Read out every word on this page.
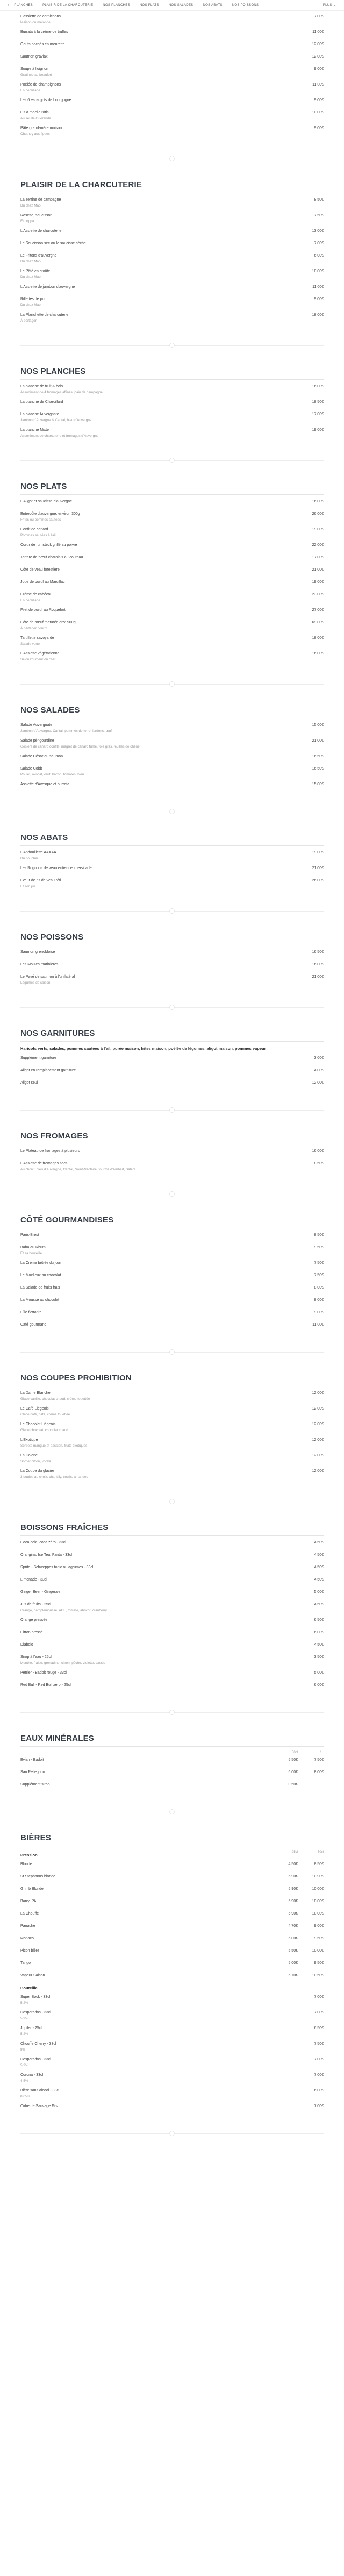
‹ PLANCHES	PLAISIR DE LA CHARCUTERIE	NOS PLANCHES	NOS PLATS	NOS SALADES	NOS ABATS	NOS POISSONS	PLUS ⌄
L'assiette de cornichons
Maison ou mélange
7.00€
Burrata à la crème de truffes	11.00€
Oeufs pochés en meurette	12.00€
Saumon gravlax	12.00€
Soupe à l'oignon
Gratinée au beaufort
9.00€
Poêlée de champignons
En persillade
11.00€
Les 6 escargots de bourgogne	9.00€
Os à moelle rôtis
Au sel de Guérande
10.00€
Pâté grand-mère maison
Chutney aux figues
9.00€
PLAISIR DE LA CHARCUTERIE
La Terrine de campagne
Du chez Mao
8.50€
Rosette, saucisson
Et coppa
7.50€
L'Assiette de charcuterie	13.00€
Le Saucisson sec ou le saucisse sèche	7.00€
Le Fritons d'auvergne
Du chez Mao
6.00€
Le Pâté en croûte
Du chez Mao
10.00€
L'Assiette de jambon d'auvergne	11.00€
Rillettes de porc
Du chez Mao
9.00€
La Planchette de charcuterie
À partager
18.00€
NOS PLANCHES
La planche de fruit & bois
Assortiment de 4 fromages affinés, pain de campagne
16.00€
La planche de Charcillard	18.50€
La planche Auvergnate
Jambon d'Auvergne & Cantal, bleu d'Auvergne
17.00€
La planche Mixte
Assortiment de charcuterie et fromages d'Auvergne
19.00€
NOS PLATS
L'Aligot et saucisse d'auvergne	16.00€
Entrecôte d'auvergne, environ 300g
Frites ou pommes sautées
26.00€
Confit de canard
Pommes sautées à l'ail
19.00€
Cœur de rumsteck grillé au poivre	22.00€
Tartare de bœuf charolais au couteau	17.00€
Côte de veau forestière	21.00€
Joue de bœuf au Marcillac	19.00€
Crème de cabécou
En persillade
23.00€
Filet de bœuf au Roquefort	27.00€
Côte de bœuf maturée env. 900g
À partager pour 2
69.00€
Tartiflette savoyarde
Salade verte
18.00€
L'Assiette végétarienne
Selon l'humeur du chef
16.00€
NOS SALADES
Salade Auvergnate
Jambon d'Auvergne, Cantal, pommes de terre, lardons, œuf
15.00€
Salade périgourdine
Gésiers de canard confits, magret de canard fumé, foie gras, feuilles de chêne
21.00€
Salade César au saumon	16.50€
Salade Cobb
Poulet, avocat, œuf, bacon, tomates, bleu
16.50€
Assiette d'Avesque et burrata	15.00€
NOS ABATS
L'Andouillette AAAAA
Du boucher
19.00€
Les Rognons de veau entiers en persillade	21.00€
Cœur de ris de veau rôti
Et son jus
26.00€
NOS POISSONS
Saumon grenobloise	16.50€
Les Moules marinières	16.00€
Le Pavé de saumon à l'unilatéral
Légumes de saison
21.00€
NOS GARNITURES
Haricots verts, salades, pommes sautées à l'ail, purée maison, frites maison, poêlée de légumes, aligot maison, pommes vapeur
Supplément garniture	3.00€
Aligot en remplacement garniture	4.00€
Aligot seul	12.00€
NOS FROMAGES
Le Plateau de fromages à plusieurs	16.00€
L'Assiette de fromages secs
Au choix : bleu d'Auvergne, Cantal, Saint-Nectaire, fourme d'Ambert, Salers
8.50€
CÔTÉ GOURMANDISES
Paris-Brest	8.50€
Baba au Rhum
Et sa bouteille
9.50€
La Crème brûlée du jour	7.50€
Le Moelleux au chocolat	7.50€
La Salade de fruits frais	8.00€
La Mousse au chocolat	8.00€
L'Île flottante	9.00€
Café gourmand	11.00€
NOS COUPES PROHIBITION
La Dame Blanche
Glace vanille, chocolat chaud, crème fouettée
12.00€
Le Café Liégeois
Glace café, café, crème fouettée
12.00€
Le Chocolat Liégeois
Glace chocolat, chocolat chaud
12.00€
L'Exotique
Sorbets mangue et passion, fruits exotiques
12.00€
La Colonel
Sorbet citron, vodka
12.00€
La Coupe du glacier
3 boules au choix, chantilly, coulis, amandes
12.00€
BOISSONS FRAÎCHES
Coca-cola, coca zéro - 33cl	4.50€
Orangina, Ice Tea, Fanta - 33cl	4.50€
Sprite - Schweppes tonic ou agrumes - 33cl	4.50€
Limonade - 33cl	4.50€
Ginger Beer - Gingerale	5.00€
Jus de fruits - 25cl
Orange, pamplemousse, ACE, tomate, abricot, cranberry
4.50€
Orange pressée	6.50€
Citron pressé	6.00€
Diabolo	4.50€
Sirop à l'eau - 25cl
Menthe, fraise, grenadine, citron, pêche, violette, cassis
3.50€
Perrier - Badoit rouge - 33cl	5.00€
Red Bull - Red Bull zero - 25cl	6.00€
EAUX MINÉRALES
50cl	1L
Evian - Badoit	5.50€	7.50€
San Pellegrino	6.00€	8.00€
Supplément sirop	0.50€
BIÈRES
Pression
25cl	50cl
Blonde	4.50€	8.50€
St Stephanus blonde	5.90€	10.90€
Grimb Blonde	5.90€	10.00€
Barry IPA	5.90€	10.00€
La Chouffe	5.90€	10.00€
Panache	4.70€	9.00€
Monaco	5.00€	9.50€
Picon bière	5.50€	10.00€
Tango	5.00€	9.50€
Vapeur Saison	5.70€	10.50€
Bouteille
Super Bock - 33cl
5.2%
7.00€
Desperados - 33cl
5.9%
7.00€
Jupiler - 25cl
5.2%
6.50€
Chouffe Cherry - 33cl
8%
7.50€
Desperados - 33cl
5.9%
7.00€
Corona - 33cl
4.5%
7.00€
Bière sans alcool - 33cl
0.05%
6.00€
Cidre de Sauvage Fils	7.00€
